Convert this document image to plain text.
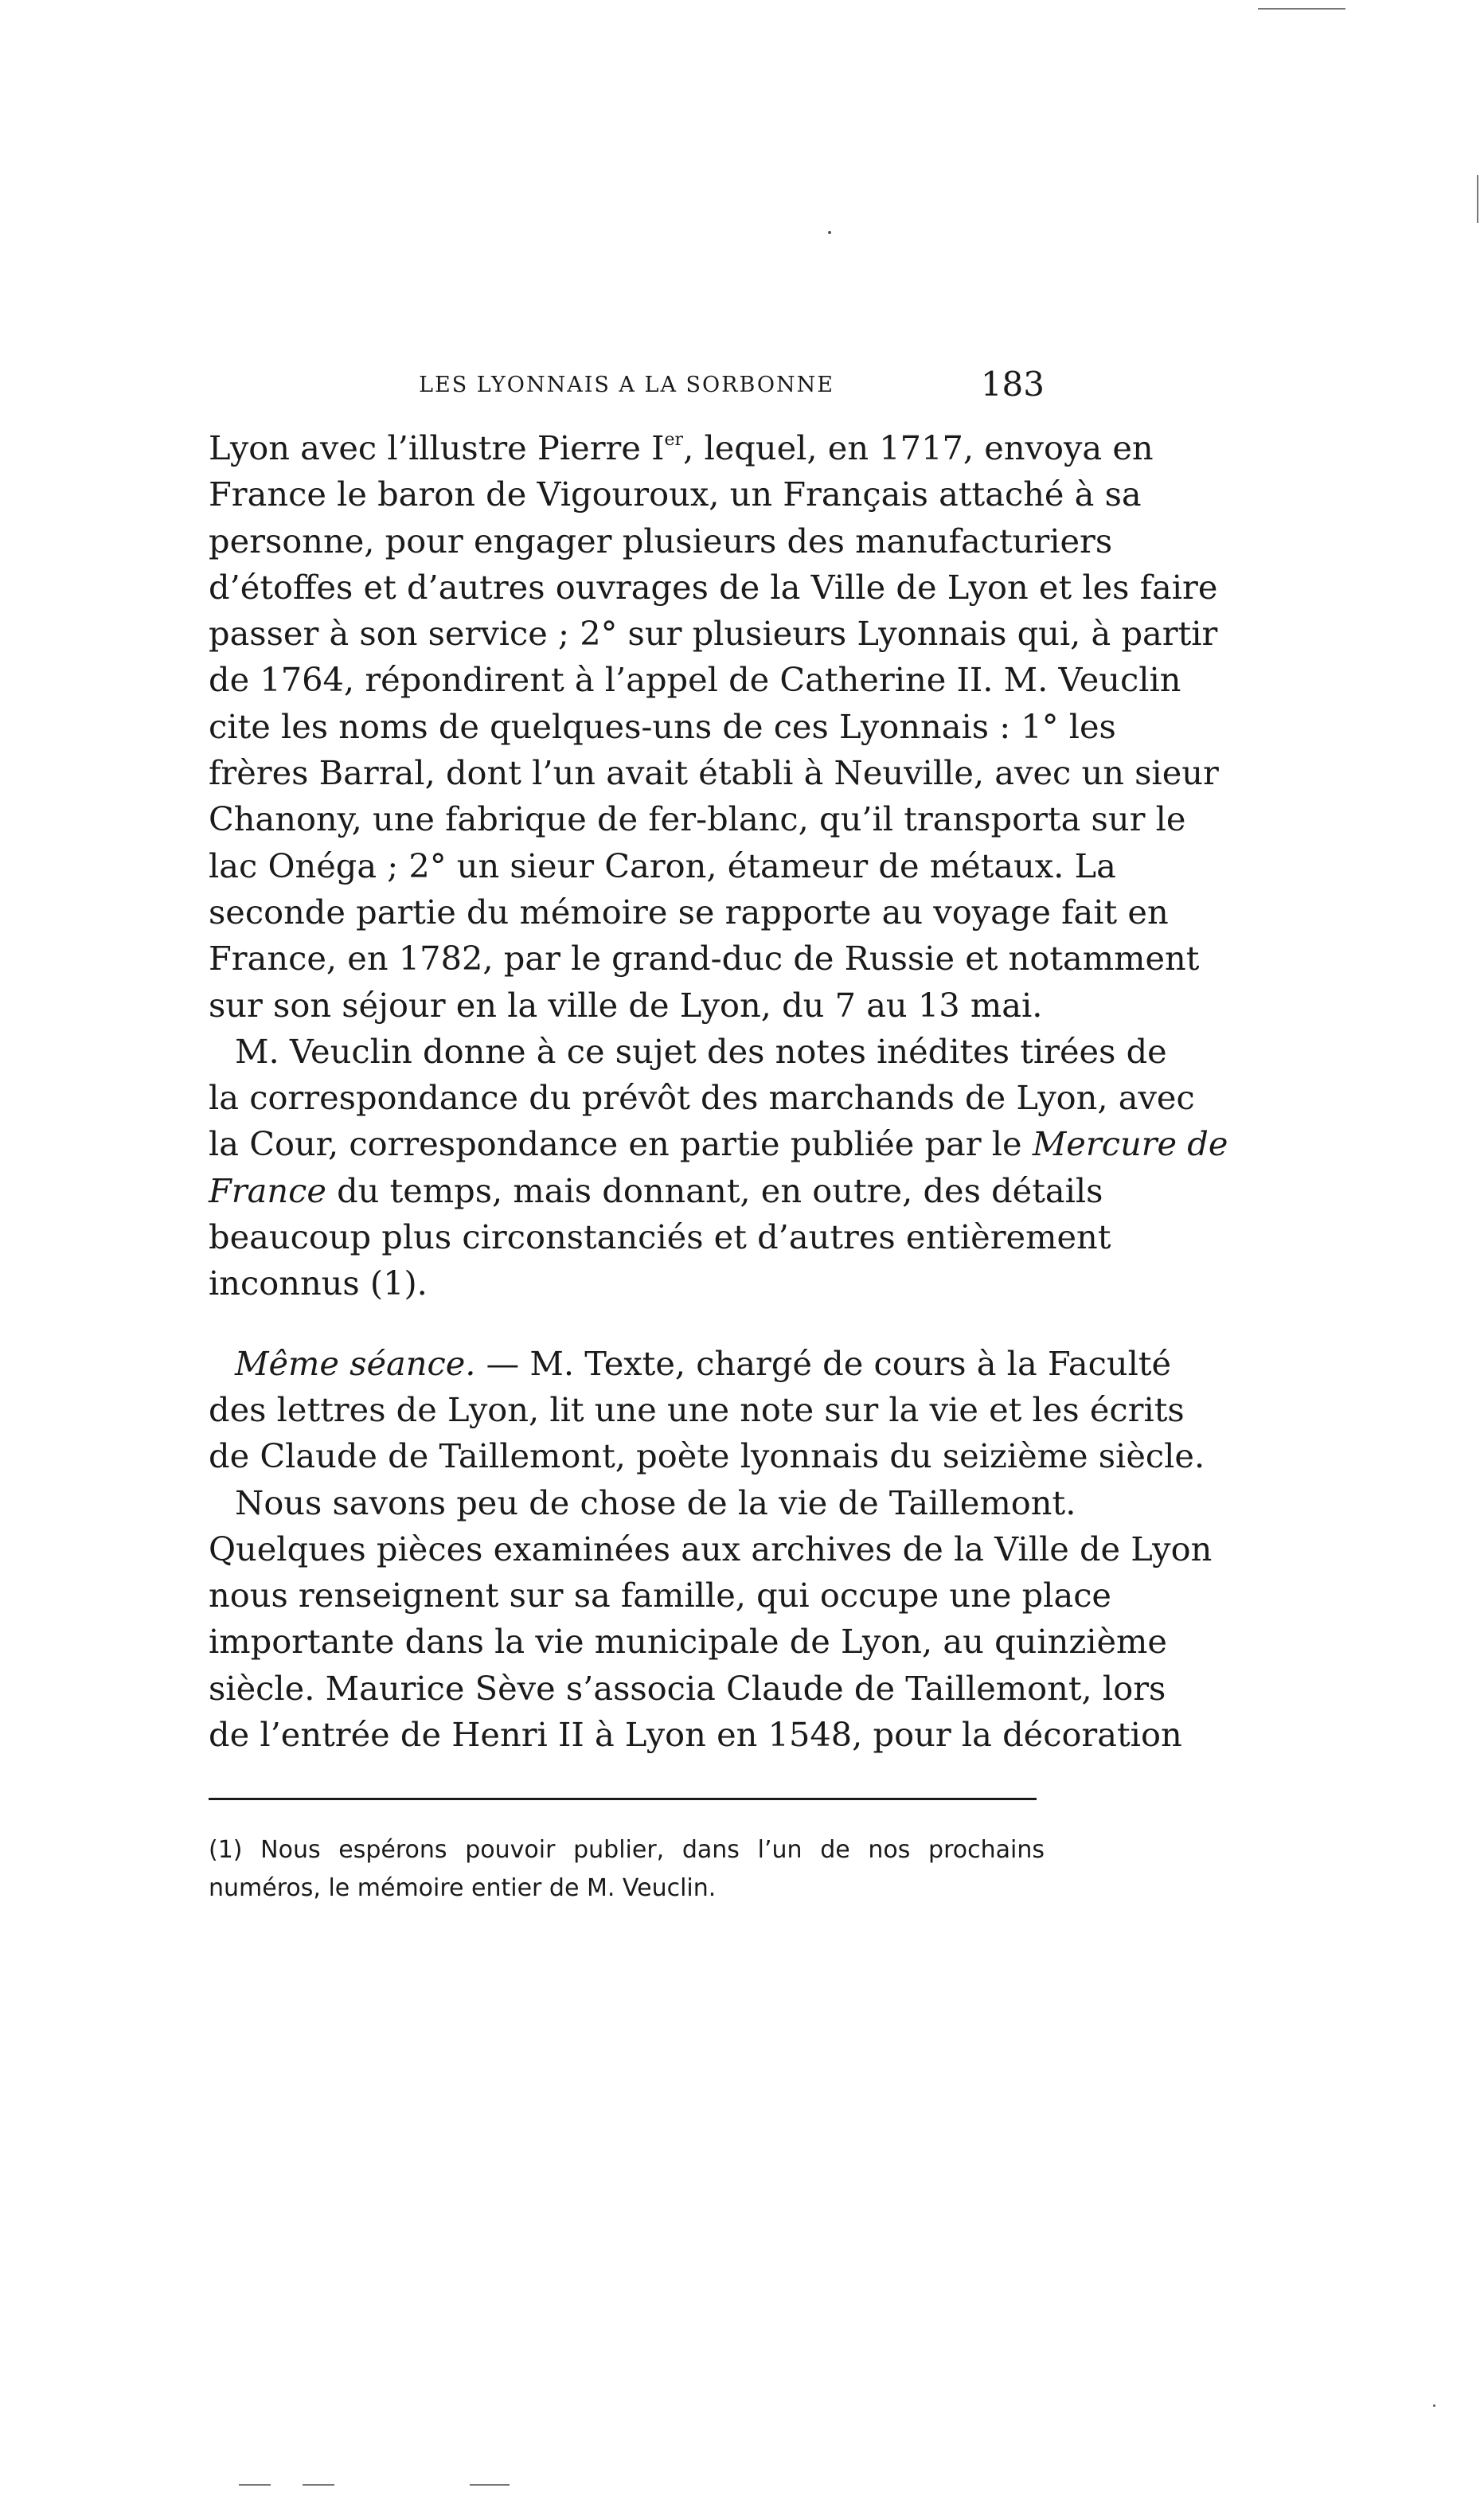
LES LYONNAIS A LA SORBONNE	183
Lyon avec l’illustre Pierre Ier, lequel, en 1717, envoya en
France le baron de Vigouroux, un Français attaché à sa
personne, pour engager plusieurs des manufacturiers
d’étoffes et d’autres ouvrages de la Ville de Lyon et les faire
passer à son service ; 2° sur plusieurs Lyonnais qui, à partir
de 1764, répondirent à l’appel de Catherine II. M. Veuclin
cite les noms de quelques-uns de ces Lyonnais : 1° les
frères Barral, dont l’un avait établi à Neuville, avec un sieur
Chanony, une fabrique de fer-blanc, qu’il transporta sur le
lac Onéga ; 2° un sieur Caron, étameur de métaux. La
seconde partie du mémoire se rapporte au voyage fait en
France, en 1782, par le grand-duc de Russie et notamment
sur son séjour en la ville de Lyon, du 7 au 13 mai.
M. Veuclin donne à ce sujet des notes inédites tirées de
la correspondance du prévôt des marchands de Lyon, avec
la Cour, correspondance en partie publiée par le Mercure de
France du temps, mais donnant, en outre, des détails
beaucoup plus circonstanciés et d’autres entièrement
inconnus (1).
Même séance. — M. Texte, chargé de cours à la Faculté
des lettres de Lyon, lit une une note sur la vie et les écrits
de Claude de Taillemont, poète lyonnais du seizième siècle.
Nous savons peu de chose de la vie de Taillemont.
Quelques pièces examinées aux archives de la Ville de Lyon
nous renseignent sur sa famille, qui occupe une place
importante dans la vie municipale de Lyon, au quinzième
siècle. Maurice Sève s’associa Claude de Taillemont, lors
de l’entrée de Henri II à Lyon en 1548, pour la décoration
(1) Nous espérons pouvoir publier, dans l’un de nos prochains
numéros, le mémoire entier de M. Veuclin.
